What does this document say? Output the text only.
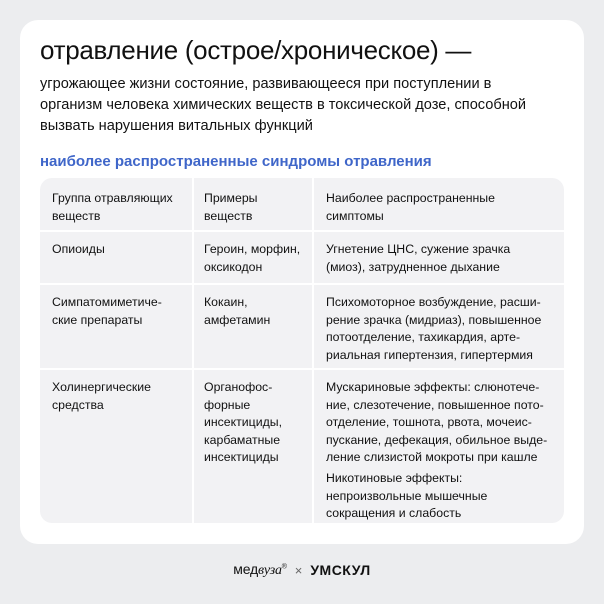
отравление (острое/хроническое) —

угрожающее жизни состояние, развивающееся при поступлении в
организм человека химических веществ в токсической дозе, способной
вызвать нарушения витальных функций

наиболее распространенные синдромы отравления
Группа отравляющих
веществ
Примеры
веществ
Наиболее распространенные
симптомы
Опиоиды	Героин, морфин,
оксикодон
Угнетение ЦНС, сужение зрачка
(миоз), затрудненное дыхание
Симпатомиметиче-
ские препараты
Кокаин,
амфетамин
Психомоторное возбуждение, расши-
рение зрачка (мидриаз), повышенное
потоотделение, тахикардия, арте-
риальная гипертензия, гипертермия
Холинергические
средства
Органофос-
форные
инсектициды,
карбаматные
инсектициды
Мускариновые эффекты: слюнотече-
ние, слезотечение, повышенное пото-
отделение, тошнота, рвота, мочеис-
пускание, дефекация, обильное выде-
ление слизистой мокроты при кашле
Никотиновые эффекты:
непроизвольные мышечные
сокращения и слабость
медвуза® × УМСКУЛ
